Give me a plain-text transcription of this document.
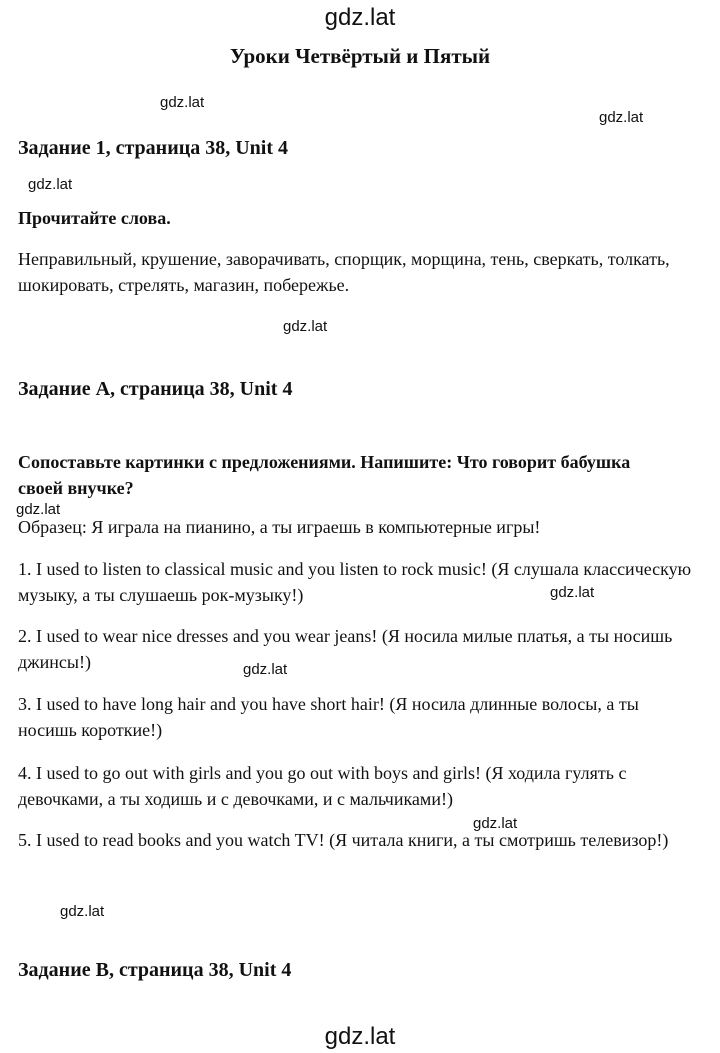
gdz.lat
gdz.lat
gdz.lat
gdz.lat
gdz.lat
gdz.lat
gdz.lat
gdz.lat
gdz.lat
gdz.lat
gdz.lat
Уроки Четвёртый и Пятый
Задание 1, страница 38, Unit 4
Прочитайте слова.
Неправильный, крушение, заворачивать, спорщик, морщина, тень, сверкать, толкать, шокировать, стрелять, магазин, побережье.
Задание A, страница 38, Unit 4
Сопоставьте картинки с предложениями. Напишите: Что говорит бабушка своей внучке?
Образец: Я играла на пианино, а ты играешь в компьютерные игры!
1. I used to listen to classical music and you listen to rock music! (Я слушала классическую музыку, а ты слушаешь рок-музыку!)
2. I used to wear nice dresses and you wear jeans! (Я носила милые платья, а ты носишь джинсы!)
3. I used to have long hair and you have short hair! (Я носила длинные волосы, а ты носишь короткие!)
4. I used to go out with girls and you go out with boys and girls! (Я ходила гулять с девочками, а ты ходишь и с девочками, и с мальчиками!)
5. I used to read books and you watch TV! (Я читала книги, а ты смотришь телевизор!)
Задание B, страница 38, Unit 4
